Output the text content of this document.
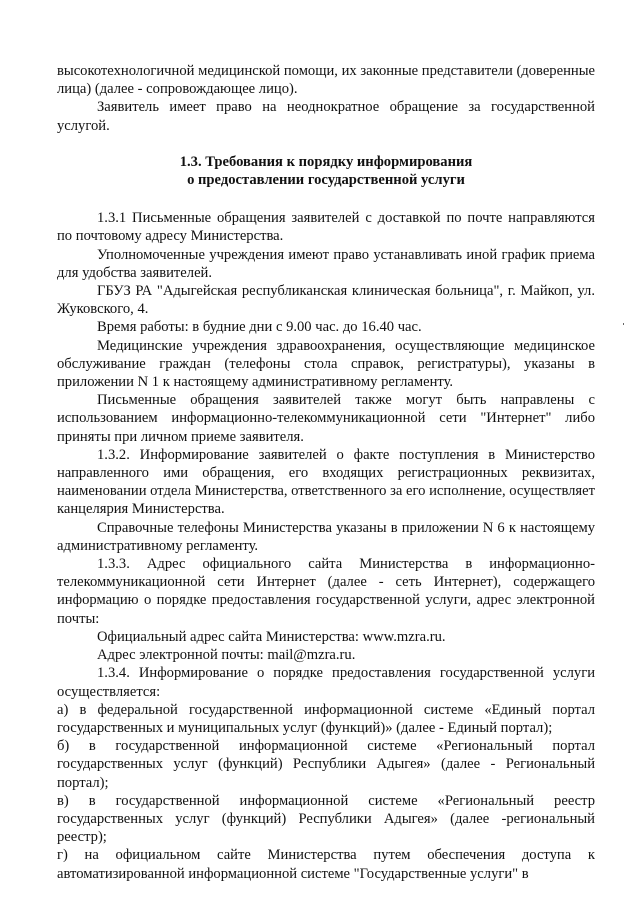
высокотехнологичной медицинской помощи, их законные представители (доверенные лица) (далее - сопровождающее лицо).

Заявитель имеет право на неоднократное обращение за государственной услугой.

1.3. Требования к порядку информирования

о предоставлении государственной услуги

1.3.1 Письменные обращения заявителей с доставкой по почте направляются по почтовому адресу Министерства.

Уполномоченные учреждения имеют право устанавливать иной график приема для удобства заявителей.

ГБУЗ РА "Адыгейская республиканская клиническая больница", г. Майкоп, ул. Жуковского, 4.

Время работы: в будние дни с 9.00 час. до 16.40 час.

Медицинские учреждения здравоохранения, осуществляющие медицинское обслуживание граждан (телефоны стола справок, регистратуры), указаны в приложении N 1 к настоящему административному регламенту.

Письменные обращения заявителей также могут быть направлены с использованием информационно-телекоммуникационной сети "Интернет" либо приняты при личном приеме заявителя.

1.3.2. Информирование заявителей о факте поступления в Министерство направленного ими обращения, его входящих регистрационных реквизитах, наименовании отдела Министерства, ответственного за его исполнение, осуществляет канцелярия Министерства.

Справочные телефоны Министерства указаны в приложении N 6 к настоящему административному регламенту.

1.3.3. Адрес официального сайта Министерства в информационно-телекоммуникационной сети Интернет (далее - сеть Интернет), содержащего информацию о порядке предоставления государственной услуги, адрес электронной почты:

Официальный адрес сайта Министерства: www.mzra.ru.

Адрес электронной почты: mail@mzra.ru.

1.3.4. Информирование о порядке предоставления государственной услуги осуществляется:

а) в федеральной государственной информационной системе «Единый портал государственных и муниципальных услуг (функций)» (далее - Единый портал);

б) в государственной информационной системе «Региональный портал государственных услуг (функций) Республики Адыгея» (далее - Региональный портал);

в) в государственной информационной системе «Региональный реестр государственных услуг (функций) Республики Адыгея» (далее -региональный реестр);

г) на официальном сайте Министерства путем обеспечения доступа к автоматизированной информационной системе "Государственные услуги" в
